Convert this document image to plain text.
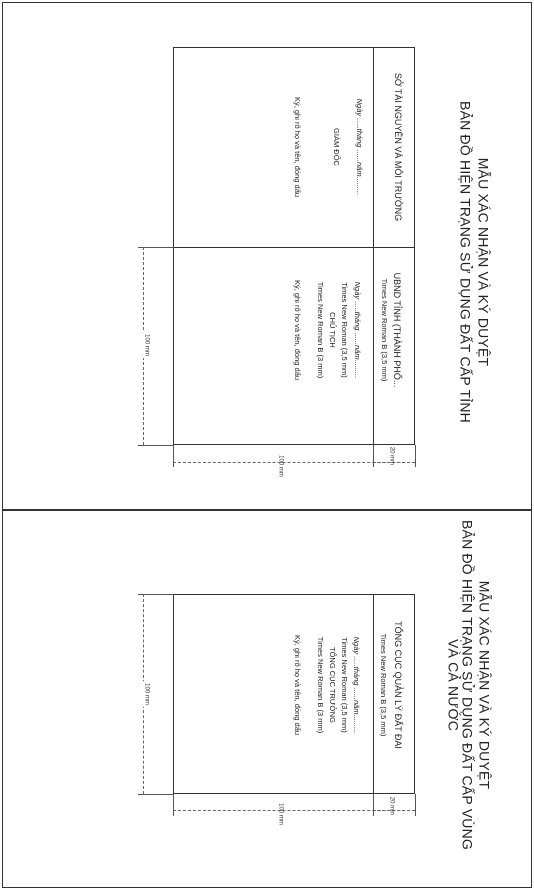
MẪU XÁC NHẬN VÀ KÝ DUYỆT
BẢN ĐỒ HIỆN TRẠNG SỬ DỤNG ĐẤT CẤP TỈNH
SỞ TÀI NGUYÊN VÀ MÔI TRƯỜNG
Ngày .....tháng ......năm.........
GIÁM ĐỐC
Ký, ghi rõ họ và tên, đóng dấu
UBND TỈNH (THÀNH PHỐ...
Times New Roman B (3,5 mm)
Ngày .....tháng ......năm.........
Times New Roman (3,5 mm)
CHỦ TỊCH
Times New Roman B (3 mm)
Ký, ghi rõ họ và tên, đóng dấu
100 mm
100 mm	20 mm
MẪU XÁC NHẬN VÀ KÝ DUYỆT
BẢN ĐỒ HIỆN TRẠNG SỬ DỤNG ĐẤT CẤP VÙNG
VÀ CẢ NƯỚC
TỔNG CỤC QUẢN LÝ ĐẤT ĐAI
Times New Roman B (3,5 mm)
Ngày .....tháng ......năm.........
Times New Roman (3,5 mm)
TỔNG CỤC TRƯỞNG
Times New Roman B (3 mm)
Ký, ghi rõ họ và tên, đóng dấu
100 mm
100 mm	20 mm
